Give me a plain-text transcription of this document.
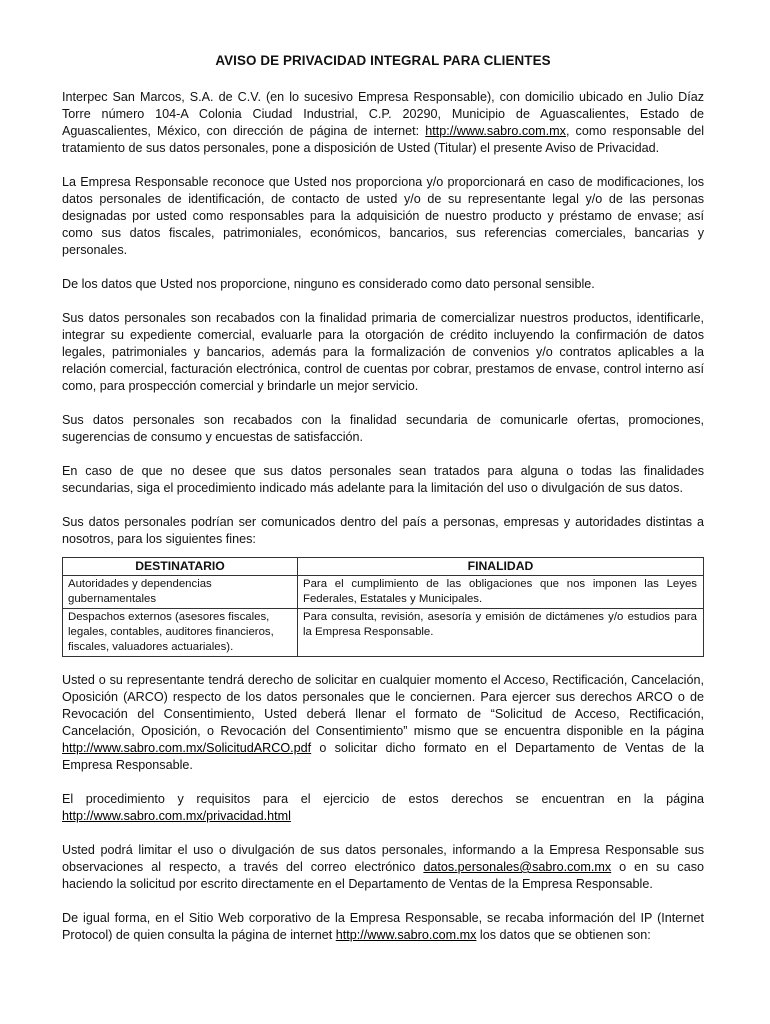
AVISO DE PRIVACIDAD INTEGRAL PARA CLIENTES

Interpec San Marcos, S.A. de C.V. (en lo sucesivo Empresa Responsable), con domicilio ubicado en Julio Díaz Torre número 104-A Colonia Ciudad Industrial, C.P. 20290, Municipio de Aguascalientes, Estado de Aguascalientes, México, con dirección de página de internet: http://www.sabro.com.mx, como responsable del tratamiento de sus datos personales, pone a disposición de Usted (Titular) el presente Aviso de Privacidad.

La Empresa Responsable reconoce que Usted nos proporciona y/o proporcionará en caso de modificaciones, los datos personales de identificación, de contacto de usted y/o de su representante legal y/o de las personas designadas por usted como responsables para la adquisición de nuestro producto y préstamo de envase; así como sus datos fiscales, patrimoniales, económicos, bancarios, sus referencias comerciales, bancarias y personales.

De los datos que Usted nos proporcione, ninguno es considerado como dato personal sensible.

Sus datos personales son recabados con la finalidad primaria de comercializar nuestros productos, identificarle, integrar su expediente comercial, evaluarle para la otorgación de crédito incluyendo la confirmación de datos legales, patrimoniales y bancarios, además para la formalización de convenios y/o contratos aplicables a la relación comercial, facturación electrónica, control de cuentas por cobrar, prestamos de envase, control interno así como, para prospección comercial y brindarle un mejor servicio.

Sus datos personales son recabados con la finalidad secundaria de comunicarle ofertas, promociones, sugerencias de consumo y encuestas de satisfacción.

En caso de que no desee que sus datos personales sean tratados para alguna o todas las finalidades secundarias, siga el procedimiento indicado más adelante para la limitación del uso o divulgación de sus datos.

Sus datos personales podrían ser comunicados dentro del país a personas, empresas y autoridades distintas a nosotros, para los siguientes fines:

DESTINATARIO	FINALIDAD
Autoridades y dependencias gubernamentales	Para el cumplimiento de las obligaciones que nos imponen las Leyes Federales, Estatales y Municipales.
Despachos externos (asesores fiscales, legales, contables, auditores financieros, fiscales, valuadores actuariales).	Para consulta, revisión, asesoría y emisión de dictámenes y/o estudios para la Empresa Responsable.

Usted o su representante tendrá derecho de solicitar en cualquier momento el Acceso, Rectificación, Cancelación, Oposición (ARCO) respecto de los datos personales que le conciernen. Para ejercer sus derechos ARCO o de Revocación del Consentimiento, Usted deberá llenar el formato de “Solicitud de Acceso, Rectificación, Cancelación, Oposición, o Revocación del Consentimiento” mismo que se encuentra disponible en la página http://www.sabro.com.mx/SolicitudARCO.pdf o solicitar dicho formato en el Departamento de Ventas de la Empresa Responsable.

El procedimiento y requisitos para el ejercicio de estos derechos se encuentran en la página http://www.sabro.com.mx/privacidad.html

Usted podrá limitar el uso o divulgación de sus datos personales, informando a la Empresa Responsable sus observaciones al respecto, a través del correo electrónico datos.personales@sabro.com.mx o en su caso haciendo la solicitud por escrito directamente en el Departamento de Ventas de la Empresa Responsable.

De igual forma, en el Sitio Web corporativo de la Empresa Responsable, se recaba información del IP (Internet Protocol) de quien consulta la página de internet http://www.sabro.com.mx los datos que se obtienen son:
